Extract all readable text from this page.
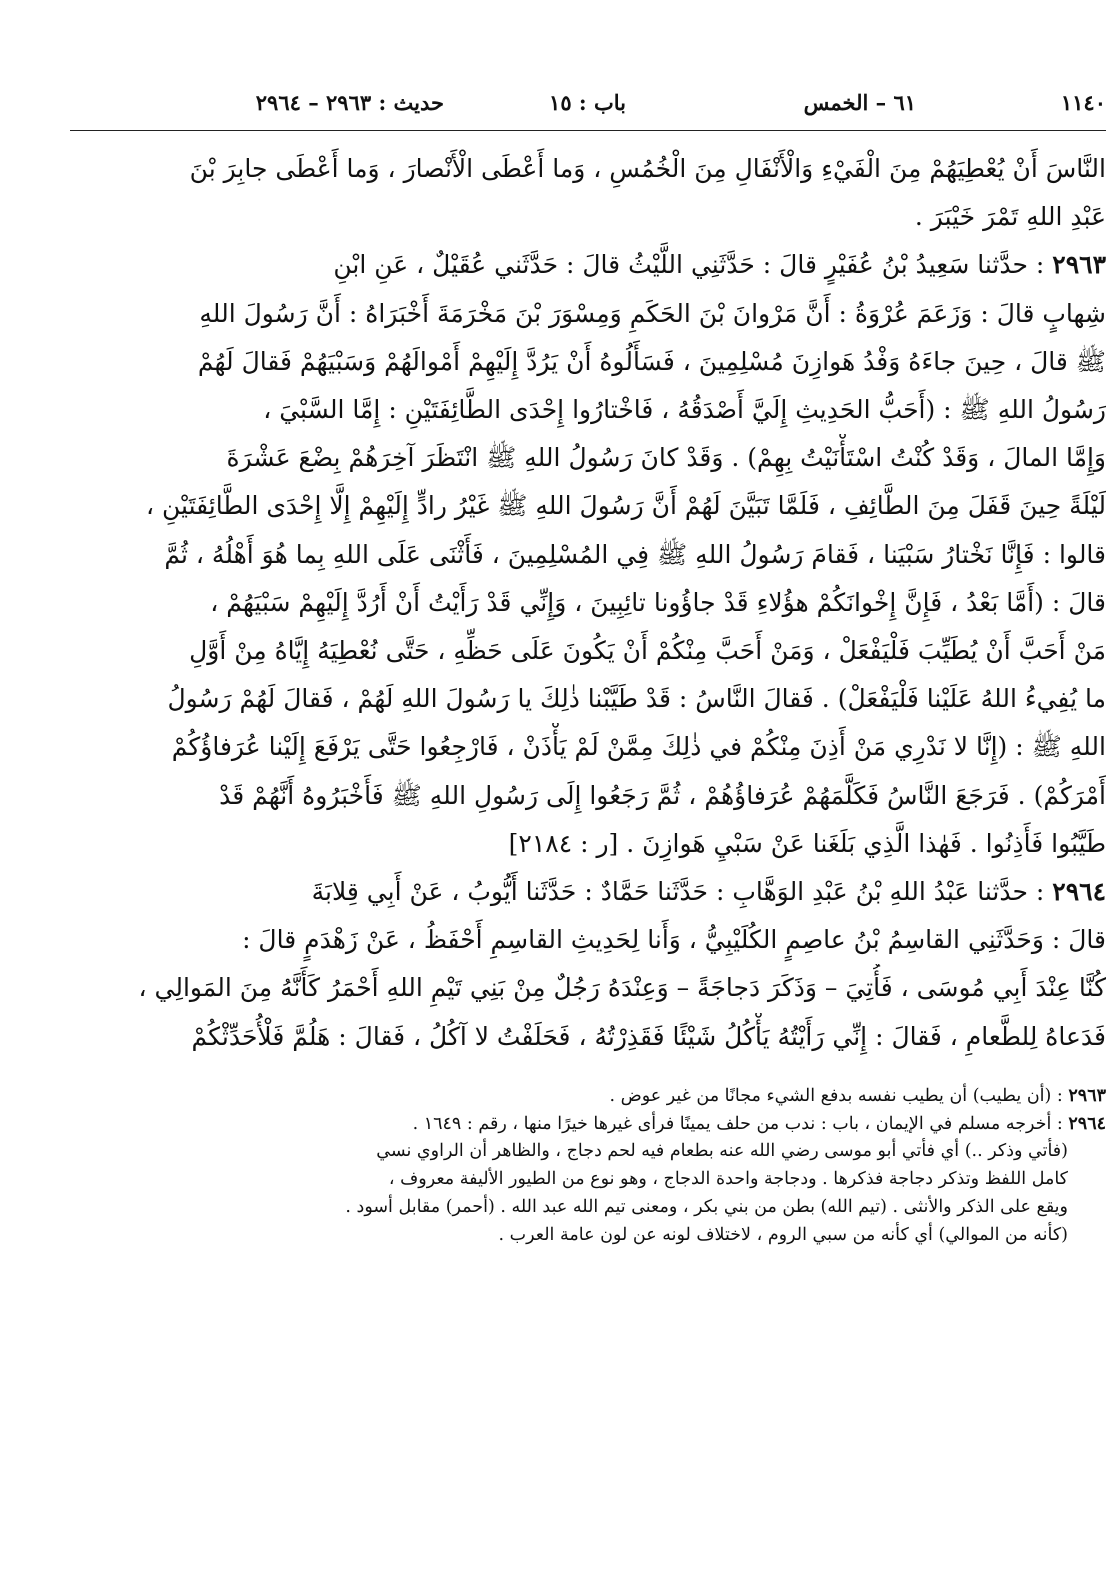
١١٤٠
٦١ – الخمس
باب : ١٥
حديث : ٢٩٦٣ – ٢٩٦٤
النَّاسَ أَنْ يُعْطِيَهُمْ مِنَ الْفَيْءِ وَالْأَنْفَالِ مِنَ الْخُمُسِ ، وَما أَعْطَى الْأَنْصارَ ، وَما أَعْطَى جابِرَ بْنَ
عَبْدِ اللهِ تَمْرَ خَيْبَرَ .
٢٩٦٣ : حدَّثنا سَعِيدُ بْنُ عُفَيْرٍ قالَ : حَدَّثَنِي اللَّيْثُ قالَ : حَدَّثَني عُقَيْلٌ ، عَنِ ابْنِ
شِهابٍ قالَ : وَزَعَمَ عُرْوَةُ : أَنَّ مَرْوانَ بْنَ الحَكَمِ وَمِسْوَرَ بْنَ مَخْرَمَةَ أَخْبَرَاهُ : أَنَّ رَسُولَ اللهِ
ﷺ قالَ ، حِينَ جاءَهُ وَفْدُ هَوازِنَ مُسْلِمِينَ ، فَسَأَلُوهُ أَنْ يَرُدَّ إِلَيْهِمْ أَمْوالَهُمْ وَسَبْيَهُمْ فَقالَ لَهُمْ
رَسُولُ اللهِ ﷺ : (أَحَبُّ الحَدِيثِ إِلَيَّ أَصْدَقُهُ ، فَاخْتارُوا إِحْدَى الطَّائِفَتَيْنِ : إِمَّا السَّبْيَ ،
وَإِمَّا المالَ ، وَقَدْ كُنْتُ اسْتَأْنَيْتُ بِهِمْ) . وَقَدْ كانَ رَسُولُ اللهِ ﷺ انْتَظَرَ آخِرَهُمْ بِضْعَ عَشْرَةَ
لَيْلَةً حِينَ قَفَلَ مِنَ الطَّائِفِ ، فَلَمَّا تَبَيَّنَ لَهُمْ أَنَّ رَسُولَ اللهِ ﷺ غَيْرُ رادٍّ إِلَيْهِمْ إِلَّا إِحْدَى الطَّائِفَتَيْنِ ،
قالوا : فَإِنَّا نَخْتارُ سَبْيَنا ، فَقامَ رَسُولُ اللهِ ﷺ فِي المُسْلِمِينَ ، فَأَثْنَى عَلَى اللهِ بِما هُوَ أَهْلُهُ ، ثُمَّ
قالَ : (أَمَّا بَعْدُ ، فَإِنَّ إِخْوانَكُمْ هؤُلاءِ قَدْ جاؤُونا تائِبِينَ ، وَإِنِّي قَدْ رَأَيْتُ أَنْ أَرُدَّ إِلَيْهِمْ سَبْيَهُمْ ،
مَنْ أَحَبَّ أَنْ يُطَيِّبَ فَلْيَفْعَلْ ، وَمَنْ أَحَبَّ مِنْكُمْ أَنْ يَكُونَ عَلَى حَظِّهِ ، حَتَّى نُعْطِيَهُ إِيَّاهُ مِنْ أَوَّلِ
ما يُفِيءُ اللهُ عَلَيْنا فَلْيَفْعَلْ) . فَقالَ النَّاسُ : قَدْ طَيَّبْنا ذٰلِكَ يا رَسُولَ اللهِ لَهُمْ ، فَقالَ لَهُمْ رَسُولُ
اللهِ ﷺ : (إِنَّا لا نَدْرِي مَنْ أَذِنَ مِنْكُمْ في ذٰلِكَ مِمَّنْ لَمْ يَأْذَنْ ، فَارْجِعُوا حَتَّى يَرْفَعَ إِلَيْنا عُرَفاؤُكُمْ
أَمْرَكُمْ) . فَرَجَعَ النَّاسُ فَكَلَّمَهُمْ عُرَفاؤُهُمْ ، ثُمَّ رَجَعُوا إِلَى رَسُولِ اللهِ ﷺ فَأَخْبَرُوهُ أَنَّهُمْ قَدْ
طَيَّبُوا فَأَذِنُوا . فَهٰذا الَّذِي بَلَغَنا عَنْ سَبْيِ هَوازِنَ . [ر : ٢١٨٤]
٢٩٦٤ : حدَّثنا عَبْدُ اللهِ بْنُ عَبْدِ الوَهَّابِ : حَدَّثَنا حَمَّادٌ : حَدَّثَنا أَيُّوبُ ، عَنْ أَبِي قِلابَةَ
قالَ : وَحَدَّثَنِي القاسِمُ بْنُ عاصِمٍ الكُلَيْبِيُّ ، وَأَنا لِحَدِيثِ القاسِمِ أَحْفَظُ ، عَنْ زَهْدَمٍ قالَ :
كُنَّا عِنْدَ أَبِي مُوسَى ، فَأُتِيَ – وَذَكَرَ دَجاجَةً – وَعِنْدَهُ رَجُلٌ مِنْ بَنِي تَيْمِ اللهِ أَحْمَرُ كَأَنَّهُ مِنَ المَوالِي ،
فَدَعاهُ لِلطَّعامِ ، فَقالَ : إِنِّي رَأَيْتُهُ يَأْكُلُ شَيْئًا فَقَذِرْتُهُ ، فَحَلَفْتُ لا آكُلُ ، فَقالَ : هَلُمَّ فَلْأُحَدِّثْكُمْ
٢٩٦٣ : (أن يطيب) أن يطيب نفسه بدفع الشيء مجانًا من غير عوض .
٢٩٦٤ : أخرجه مسلم في الإيمان ، باب : ندب من حلف يمينًا فرأى غيرها خيرًا منها ، رقم : ١٦٤٩ .
(فأتي وذكر ..) أي فأتي أبو موسى رضي الله عنه بطعام فيه لحم دجاج ، والظاهر أن الراوي نسي
كامل اللفظ وتذكر دجاجة فذكرها . ودجاجة واحدة الدجاج ، وهو نوع من الطيور الأليفة معروف ،
ويقع على الذكر والأنثى . (تيم الله) بطن من بني بكر ، ومعنى تيم الله عبد الله . (أحمر) مقابل أسود .
(كأنه من الموالي) أي كأنه من سبي الروم ، لاختلاف لونه عن لون عامة العرب .
